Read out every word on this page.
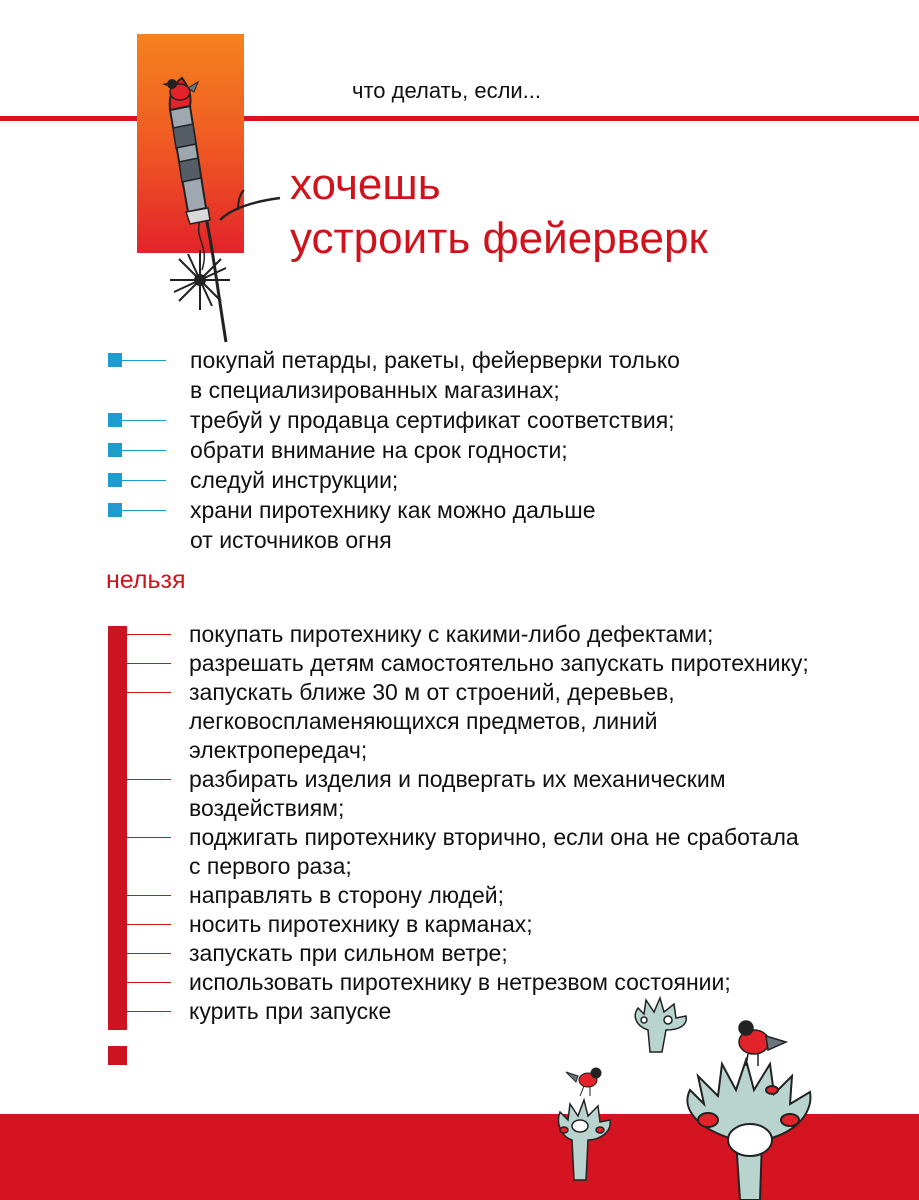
что делать, если...
хочешь
устроить фейерверк
покупай петарды, ракеты, фейерверки только
в специализированных магазинах;
требуй у продавца сертификат соответствия;
обрати внимание на срок годности;
следуй инструкции;
храни пиротехнику как можно дальше
от источников огня
нельзя
покупать пиротехнику с какими-либо дефектами;
разрешать детям самостоятельно запускать пиротехнику;
запускать ближе 30 м от строений, деревьев,
легковоспламеняющихся предметов, линий
электропередач;
разбирать изделия и подвергать их механическим
воздействиям;
поджигать пиротехнику вторично, если она не сработала
с первого раза;
направлять в сторону людей;
носить пиротехнику в карманах;
запускать при сильном ветре;
использовать пиротехнику в нетрезвом состоянии;
курить при запуске
